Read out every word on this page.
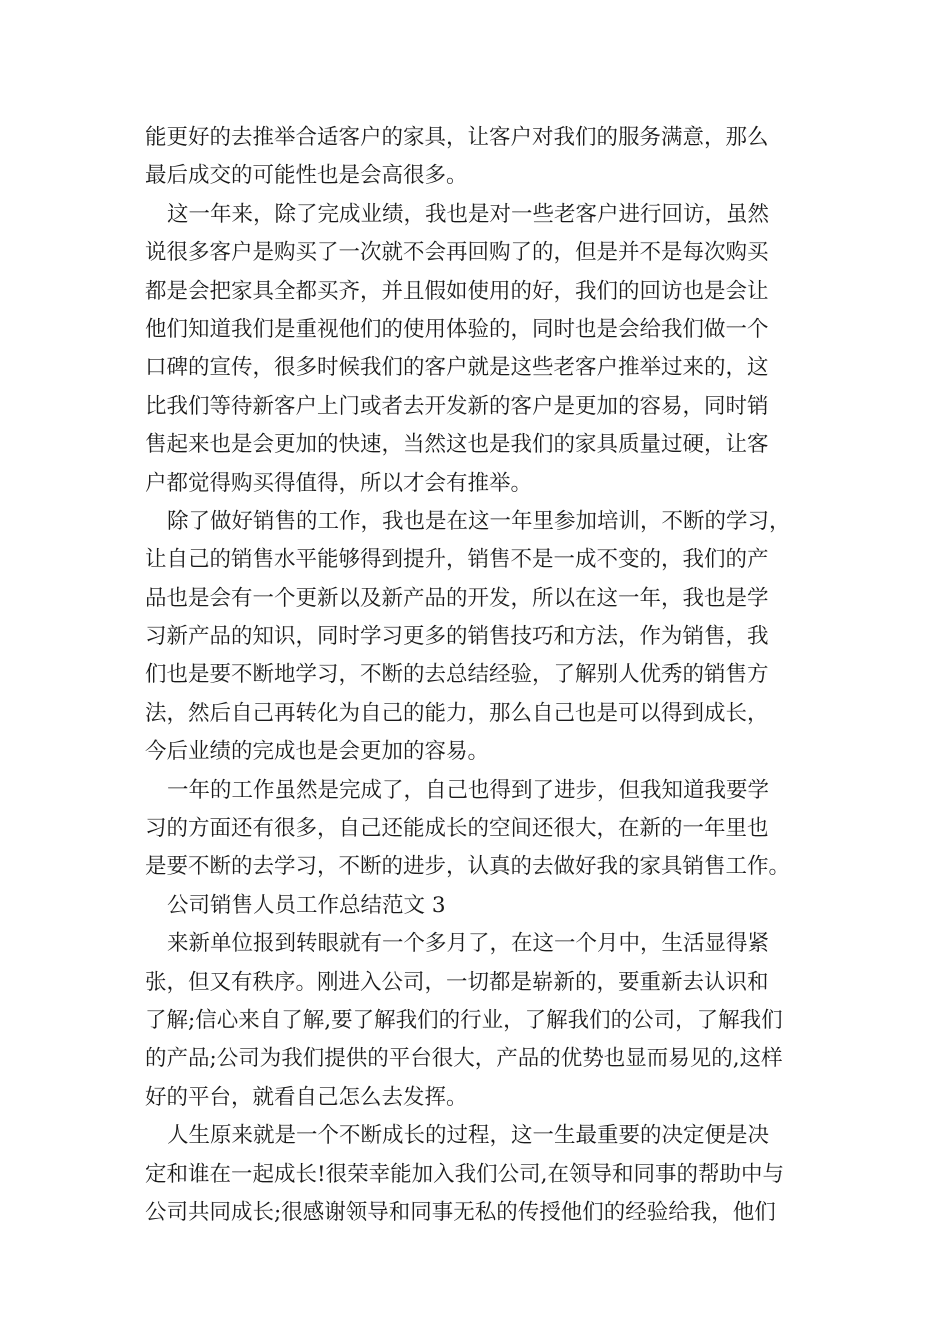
能更好的去推举合适客户的家具，让客户对我们的服务满意，那么
最后成交的可能性也是会高很多。
这一年来，除了完成业绩，我也是对一些老客户进行回访，虽然
说很多客户是购买了一次就不会再回购了的，但是并不是每次购买
都是会把家具全都买齐，并且假如使用的好，我们的回访也是会让
他们知道我们是重视他们的使用体验的，同时也是会给我们做一个
口碑的宣传，很多时候我们的客户就是这些老客户推举过来的，这
比我们等待新客户上门或者去开发新的客户是更加的容易，同时销
售起来也是会更加的快速，当然这也是我们的家具质量过硬，让客
户都觉得购买得值得，所以才会有推举。
除了做好销售的工作，我也是在这一年里参加培训，不断的学习，
让自己的销售水平能够得到提升，销售不是一成不变的，我们的产
品也是会有一个更新以及新产品的开发，所以在这一年，我也是学
习新产品的知识，同时学习更多的销售技巧和方法，作为销售，我
们也是要不断地学习，不断的去总结经验，了解别人优秀的销售方
法，然后自己再转化为自己的能力，那么自己也是可以得到成长，
今后业绩的完成也是会更加的容易。
一年的工作虽然是完成了，自己也得到了进步，但我知道我要学
习的方面还有很多，自己还能成长的空间还很大，在新的一年里也
是要不断的去学习，不断的进步，认真的去做好我的家具销售工作。
公司销售人员工作总结范文 3
来新单位报到转眼就有一个多月了，在这一个月中，生活显得紧
张，但又有秩序。刚进入公司，一切都是崭新的，要重新去认识和
了解;信心来自了解,要了解我们的行业，了解我们的公司，了解我们
的产品;公司为我们提供的平台很大，产品的优势也显而易见的,这样
好的平台，就看自己怎么去发挥。
人生原来就是一个不断成长的过程，这一生最重要的决定便是决
定和谁在一起成长!很荣幸能加入我们公司,在领导和同事的帮助中与
公司共同成长;很感谢领导和同事无私的传授他们的经验给我，他们
